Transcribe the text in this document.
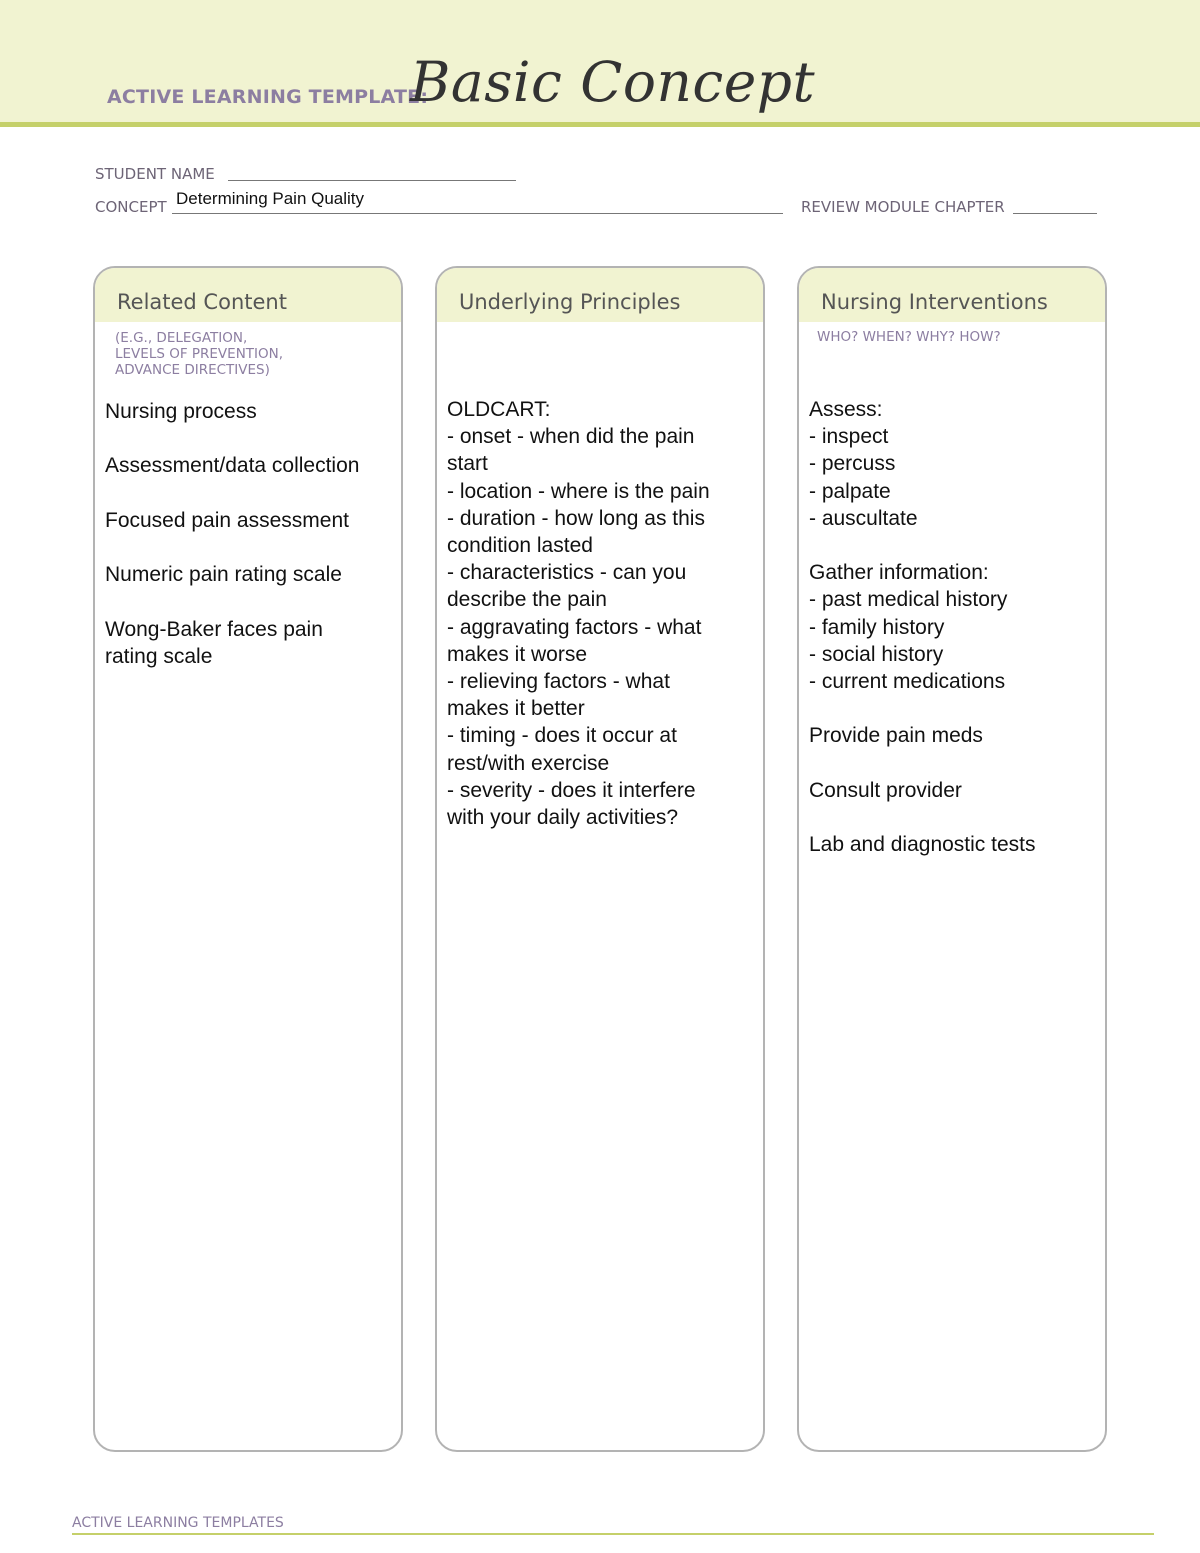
ACTIVE LEARNING TEMPLATE:
Basic Concept
STUDENT NAME
CONCEPT Determining Pain Quality	REVIEW MODULE CHAPTER
Related Content
(E.G., DELEGATION,
LEVELS OF PREVENTION,
ADVANCE DIRECTIVES)

Nursing process

Assessment/data collection

Focused pain assessment

Numeric pain rating scale

Wong-Baker faces pain

rating scale

Underlying Principles

OLDCART:

- onset - when did the pain

start

- location - where is the pain

- duration - how long as this

condition lasted

- characteristics - can you

describe the pain

- aggravating factors - what

makes it worse

- relieving factors - what

makes it better

- timing - does it occur at

rest/with exercise

- severity - does it interfere

with your daily activities?

Nursing Interventions
WHO? WHEN? WHY? HOW?

Assess:

- inspect

- percuss

- palpate

- auscultate

Gather information:

- past medical history

- family history

- social history

- current medications

Provide pain meds

Consult provider

Lab and diagnostic tests

ACTIVE LEARNING TEMPLATES
